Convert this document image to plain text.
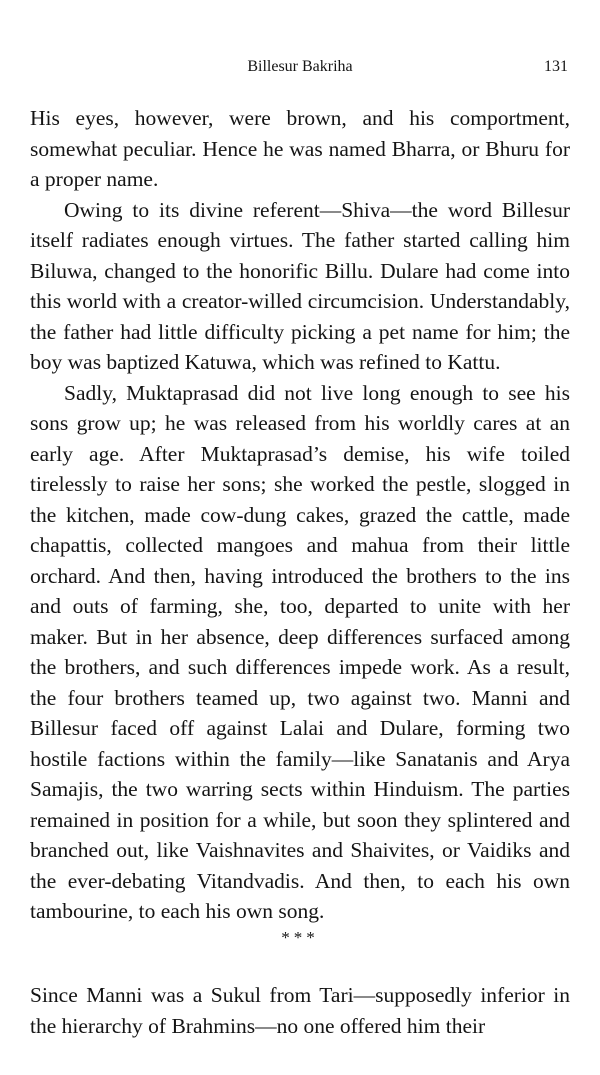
Billesur Bakriha	131

His eyes, however, were brown, and his comportment, somewhat peculiar. Hence he was named Bharra, or Bhuru for a proper name.

Owing to its divine referent—Shiva—the word Billesur itself radiates enough virtues. The father started calling him Biluwa, changed to the honorific Billu. Dulare had come into this world with a creator-willed circumcision. Understandably, the father had little difficulty picking a pet name for him; the boy was baptized Katuwa, which was refined to Kattu.

Sadly, Muktaprasad did not live long enough to see his sons grow up; he was released from his worldly cares at an early age. After Muktaprasad’s demise, his wife toiled tirelessly to raise her sons; she worked the pestle, slogged in the kitchen, made cow-dung cakes, grazed the cattle, made chapattis, collected mangoes and mahua from their little orchard. And then, having introduced the brothers to the ins and outs of farming, she, too, departed to unite with her maker. But in her absence, deep differences surfaced among the brothers, and such differences impede work. As a result, the four brothers teamed up, two against two. Manni and Billesur faced off against Lalai and Dulare, forming two hostile factions within the family—like Sanatanis and Arya Samajis, the two warring sects within Hinduism. The parties remained in position for a while, but soon they splintered and branched out, like Vaishnavites and Shaivites, or Vaidiks and the ever-debating Vitandvadis. And then, to each his own tambourine, to each his own song.

***

Since Manni was a Sukul from Tari—supposedly inferior in the hierarchy of Brahmins—no one offered him their
